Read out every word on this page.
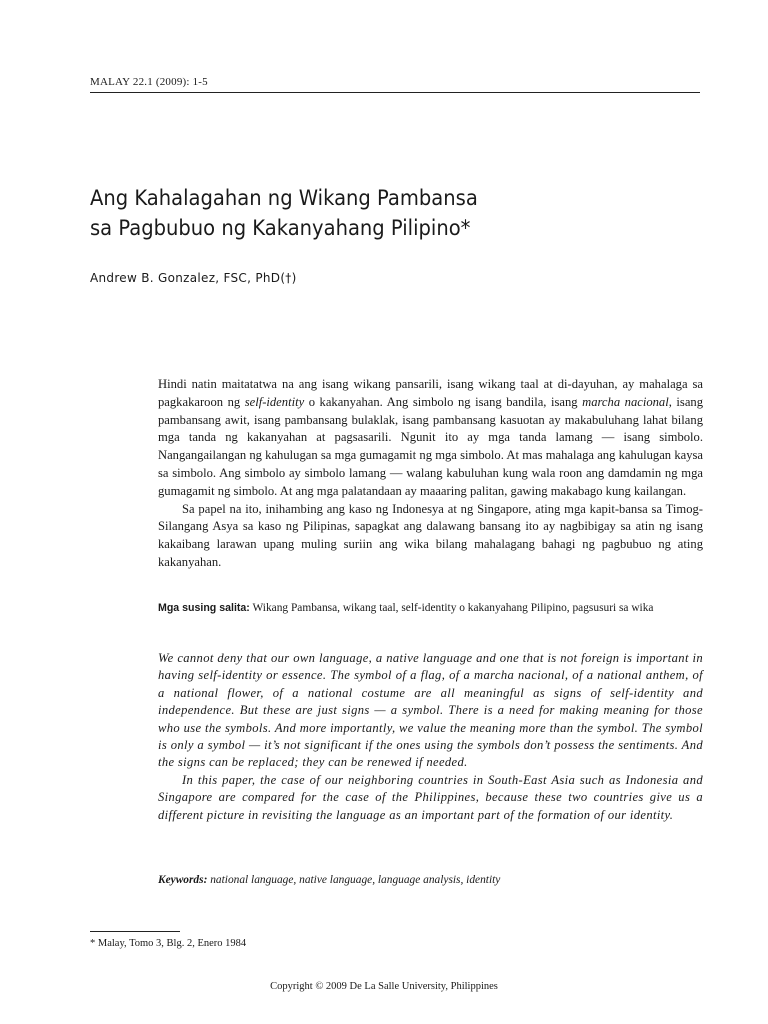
MALAY 22.1 (2009): 1-5
Ang Kahalagahan ng Wikang Pambansa
sa Pagbubuo ng Kakanyahang Pilipino*
Andrew B. Gonzalez, FSC, PhD(†)

Hindi natin maitatatwa na ang isang wikang pansarili, isang wikang taal at di-dayuhan, ay mahalaga sa pagkakaroon ng self-identity o kakanyahan. Ang simbolo ng isang bandila, isang marcha nacional, isang pambansang awit, isang pambansang bulaklak, isang pambansang kasuotan ay makabuluhang lahat bilang mga tanda ng kakanyahan at pagsasarili. Ngunit ito ay mga tanda lamang — isang simbolo. Nangangailangan ng kahulugan sa mga gumagamit ng mga simbolo. At mas mahalaga ang kahulugan kaysa sa simbolo. Ang simbolo ay simbolo lamang — walang kabuluhan kung wala roon ang damdamin ng mga gumagamit ng simbolo. At ang mga palatandaan ay maaaring palitan, gawing makabago kung kailangan.

Sa papel na ito, inihambing ang kaso ng Indonesya at ng Singapore, ating mga kapit-bansa sa Timog-Silangang Asya sa kaso ng Pilipinas, sapagkat ang dalawang bansang ito ay nagbibigay sa atin ng isang kakaibang larawan upang muling suriin ang wika bilang mahalagang bahagi ng pagbubuo ng ating kakanyahan.

Mga susing salita: Wikang Pambansa, wikang taal, self-identity o kakanyahang Pilipino, pagsusuri sa wika

We cannot deny that our own language, a native language and one that is not foreign is important in having self-identity or essence. The symbol of a flag, of a marcha nacional, of a national anthem, of a national flower, of a national costume are all meaningful as signs of self-identity and independence. But these are just signs — a symbol. There is a need for making meaning for those who use the symbols. And more importantly, we value the meaning more than the symbol. The symbol is only a symbol — it’s not significant if the ones using the symbols don’t possess the sentiments. And the signs can be replaced; they can be renewed if needed.

In this paper, the case of our neighboring countries in South-East Asia such as Indonesia and Singapore are compared for the case of the Philippines, because these two countries give us a different picture in revisiting the language as an important part of the formation of our identity.

Keywords: national language, native language, language analysis, identity
* Malay, Tomo 3, Blg. 2, Enero 1984
Copyright © 2009 De La Salle University, Philippines
